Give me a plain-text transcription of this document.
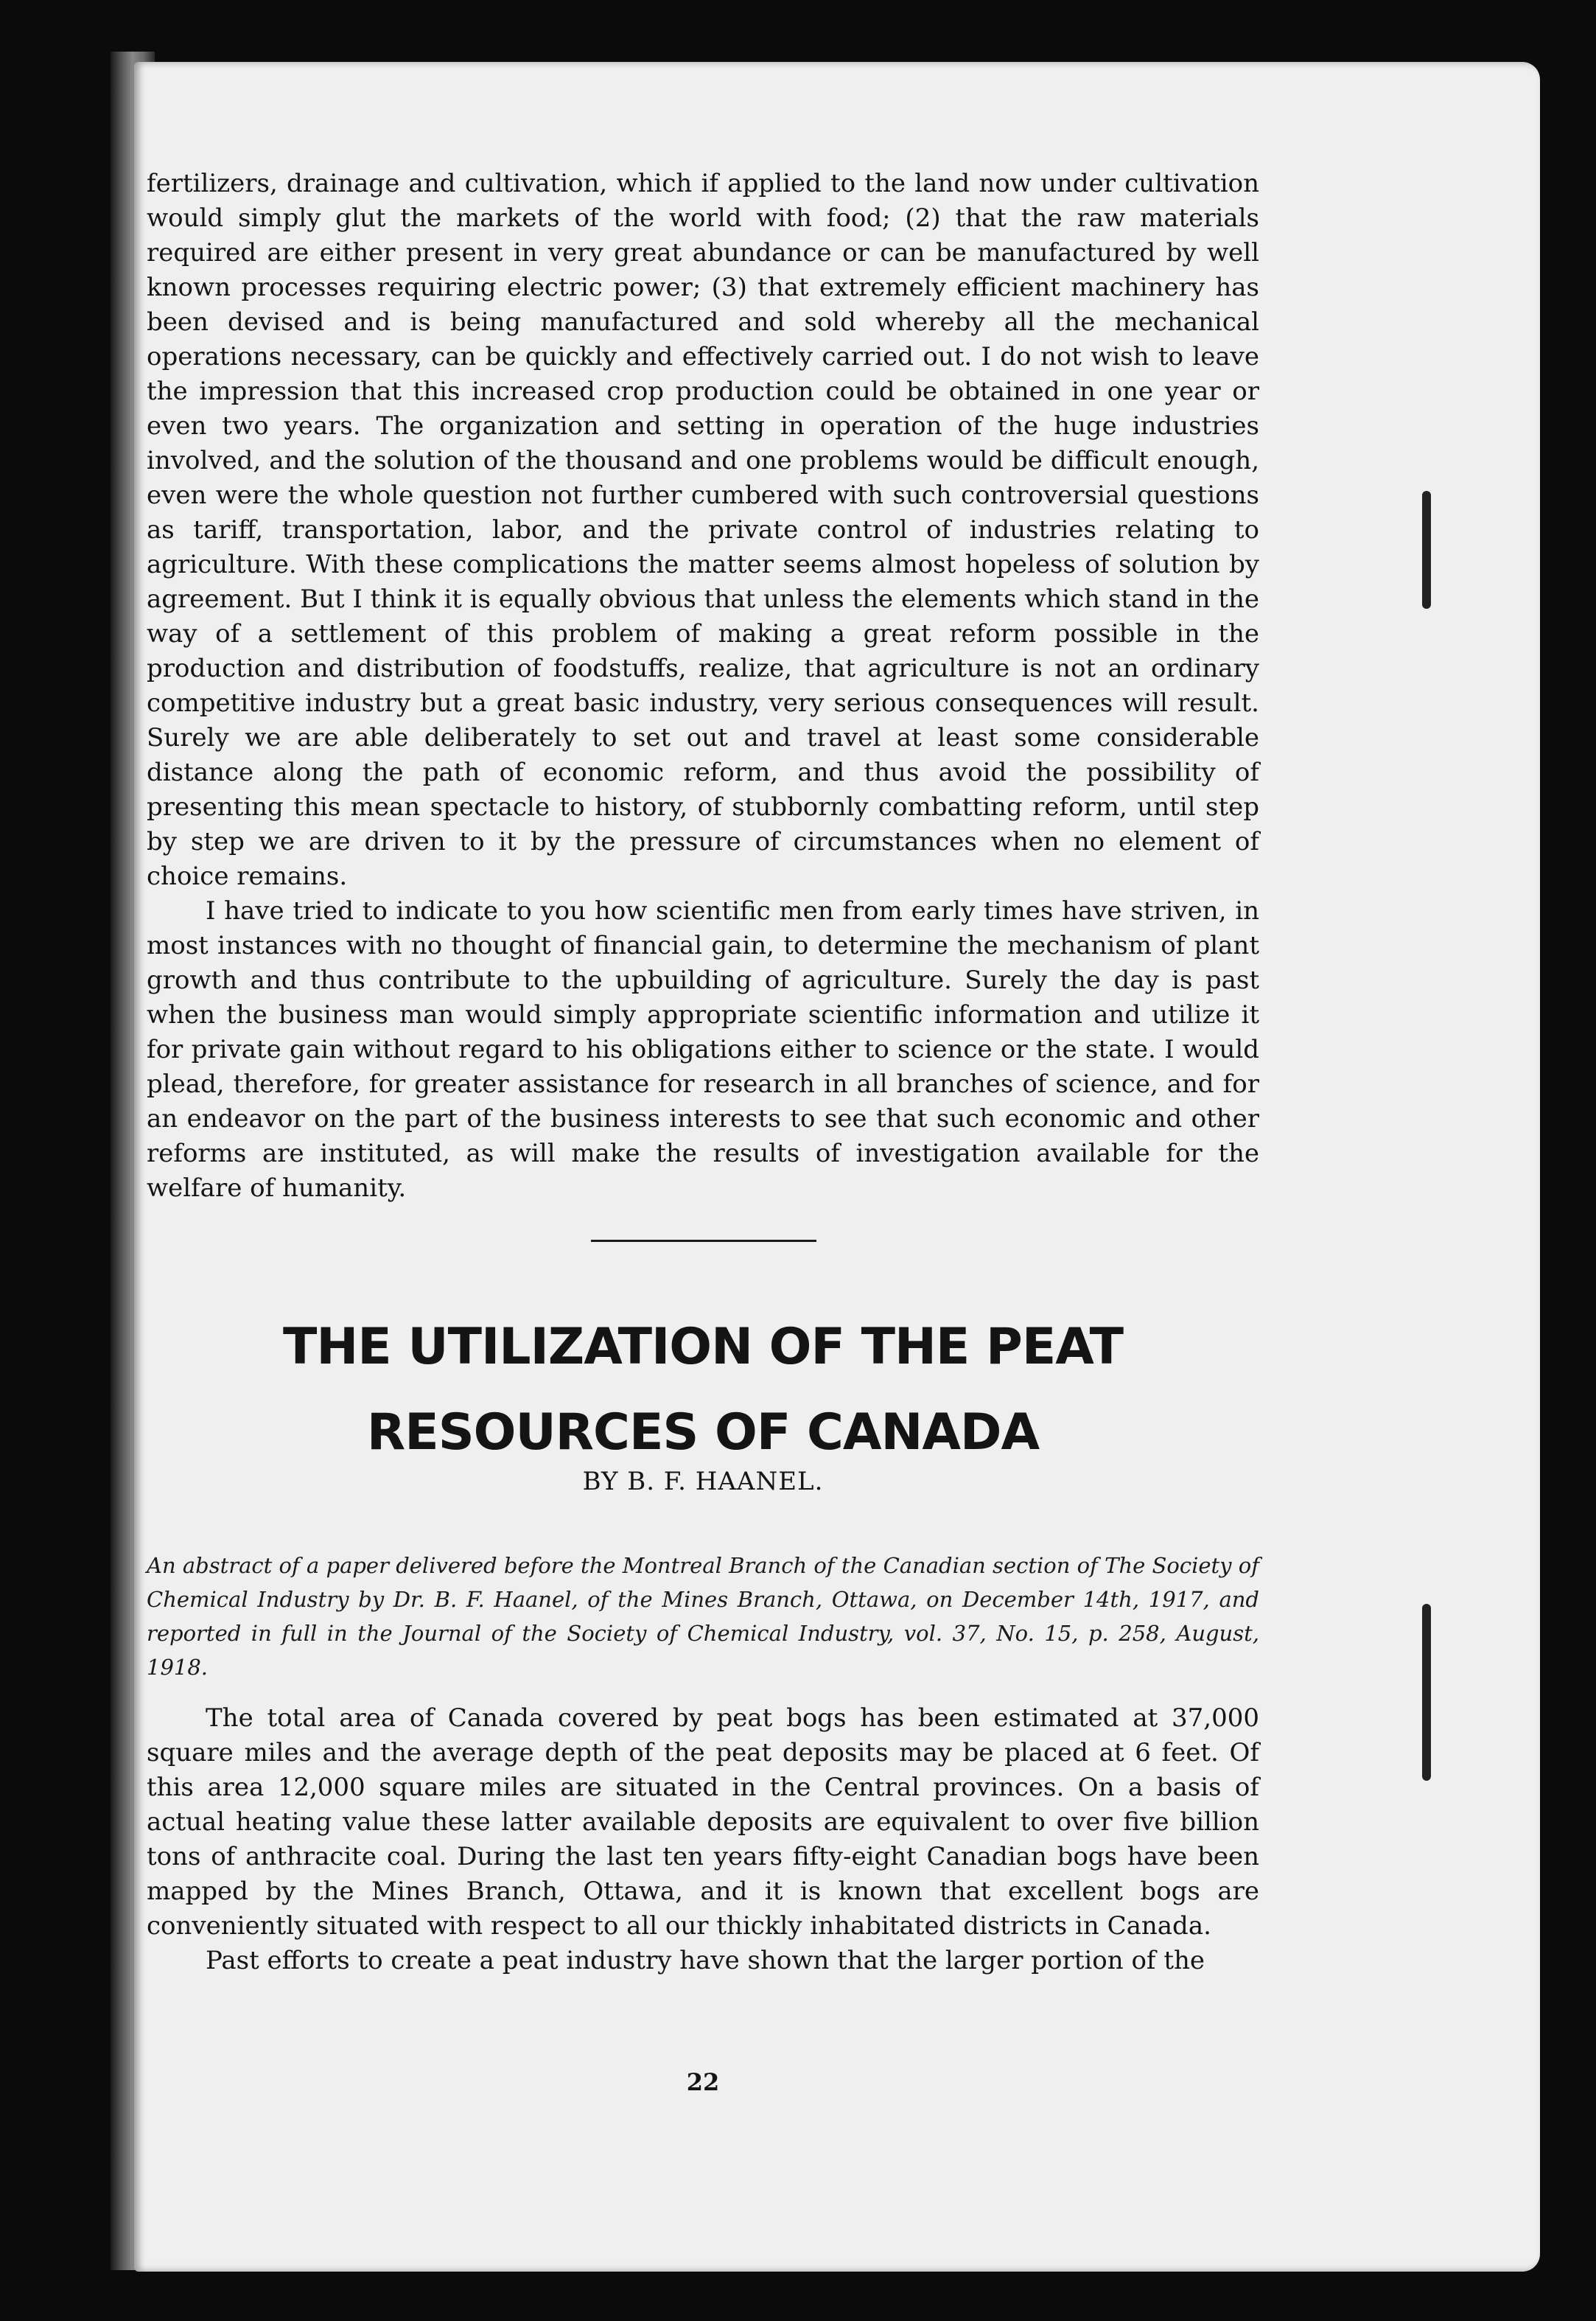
fertilizers, drainage and cultivation, which if applied to the land now under cultivation would simply glut the markets of the world with food; (2) that the raw materials required are either present in very great abundance or can be manufactured by well known processes requiring electric power; (3) that extremely efficient machinery has been devised and is being manufactured and sold whereby all the mechanical operations necessary, can be quickly and effectively carried out. I do not wish to leave the impression that this increased crop production could be obtained in one year or even two years. The organization and setting in operation of the huge industries involved, and the solution of the thousand and one problems would be difficult enough, even were the whole question not further cumbered with such controversial questions as tariff, transportation, labor, and the private control of industries relating to agriculture. With these complications the matter seems almost hopeless of solution by agreement. But I think it is equally obvious that unless the elements which stand in the way of a settlement of this problem of making a great reform possible in the production and distribution of foodstuffs, realize, that agriculture is not an ordinary competitive industry but a great basic industry, very serious consequences will result. Surely we are able deliberately to set out and travel at least some considerable distance along the path of economic reform, and thus avoid the possibility of presenting this mean spectacle to history, of stubbornly combatting reform, until step by step we are driven to it by the pressure of circumstances when no element of choice remains.

I have tried to indicate to you how scientific men from early times have striven, in most instances with no thought of financial gain, to determine the mechanism of plant growth and thus contribute to the upbuilding of agriculture. Surely the day is past when the business man would simply appropriate scientific information and utilize it for private gain without regard to his obligations either to science or the state. I would plead, therefore, for greater assistance for research in all branches of science, and for an endeavor on the part of the business interests to see that such economic and other reforms are instituted, as will make the results of investigation available for the welfare of humanity.

THE UTILIZATION OF THE PEAT RESOURCES OF CANADA
BY B. F. HAANEL.

An abstract of a paper delivered before the Montreal Branch of the Canadian section of The Society of Chemical Industry by Dr. B. F. Haanel, of the Mines Branch, Ottawa, on December 14th, 1917, and reported in full in the Journal of the Society of Chemical Industry, vol. 37, No. 15, p. 258, August, 1918.

The total area of Canada covered by peat bogs has been estimated at 37,000 square miles and the average depth of the peat deposits may be placed at 6 feet. Of this area 12,000 square miles are situated in the Central provinces. On a basis of actual heating value these latter available deposits are equivalent to over five billion tons of anthracite coal. During the last ten years fifty-eight Canadian bogs have been mapped by the Mines Branch, Ottawa, and it is known that excellent bogs are conveniently situated with respect to all our thickly inhabitated districts in Canada.

Past efforts to create a peat industry have shown that the larger portion of the

22
